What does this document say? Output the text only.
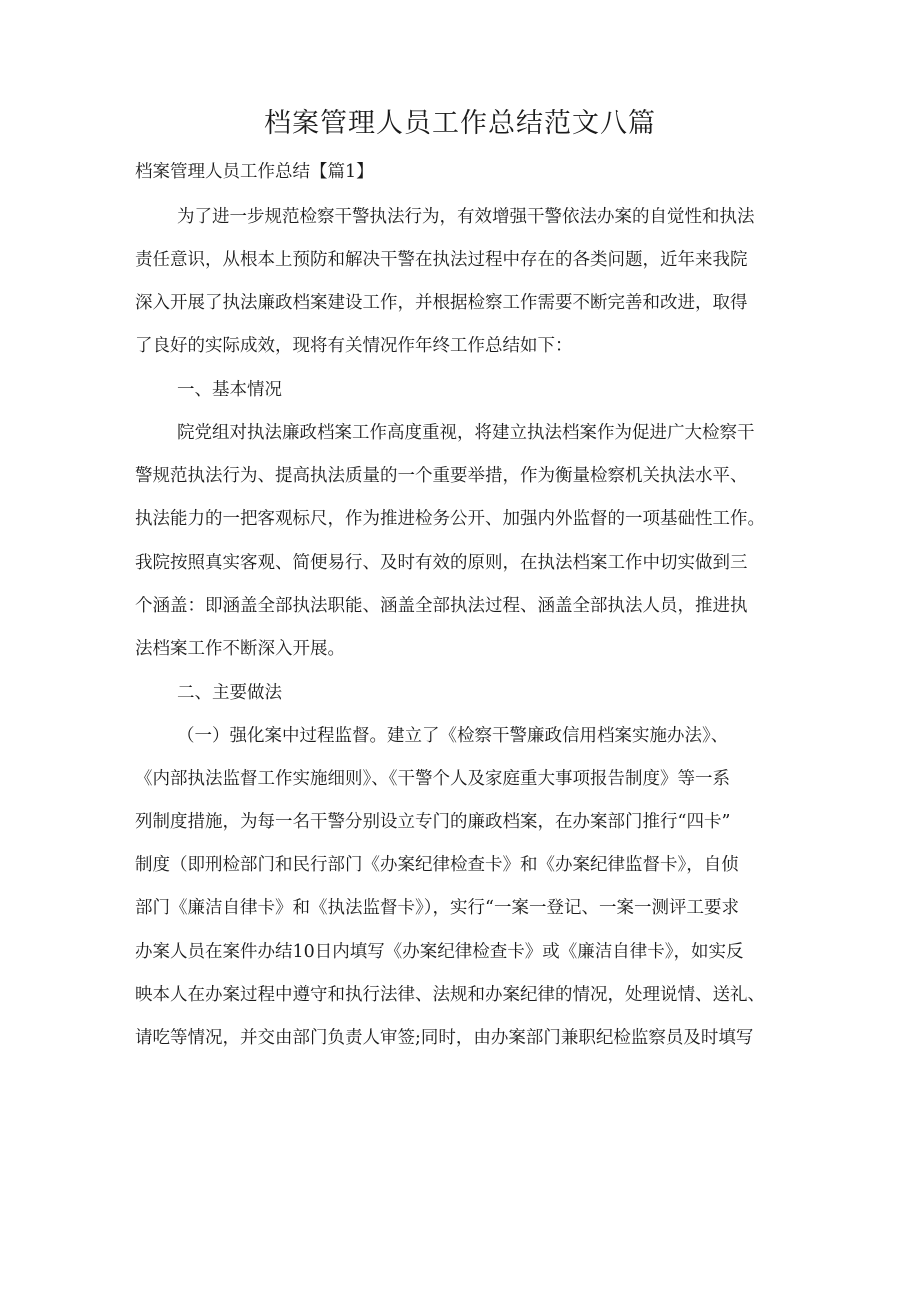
档案管理人员工作总结范文八篇
档案管理人员工作总结【篇1】
为了进一步规范检察干警执法行为，有效增强干警依法办案的自觉性和执法
责任意识，从根本上预防和解决干警在执法过程中存在的各类问题，近年来我院
深入开展了执法廉政档案建设工作，并根据检察工作需要不断完善和改进，取得
了良好的实际成效，现将有关情况作年终工作总结如下：
一、基本情况
院党组对执法廉政档案工作高度重视，将建立执法档案作为促进广大检察干
警规范执法行为、提高执法质量的一个重要举措，作为衡量检察机关执法水平、
执法能力的一把客观标尺，作为推进检务公开、加强内外监督的一项基础性工作。
我院按照真实客观、简便易行、及时有效的原则，在执法档案工作中切实做到三
个涵盖：即涵盖全部执法职能、涵盖全部执法过程、涵盖全部执法人员，推进执
法档案工作不断深入开展。
二、主要做法
（一）强化案中过程监督。建立了《检察干警廉政信用档案实施办法》、
《内部执法监督工作实施细则》、《干警个人及家庭重大事项报告制度》等一系
列制度措施，为每一名干警分别设立专门的廉政档案，在办案部门推行“四卡”
制度（即刑检部门和民行部门《办案纪律检查卡》和《办案纪律监督卡》，自侦
部门《廉洁自律卡》和《执法监督卡》），实行“一案一登记、一案一测评工要求
办案人员在案件办结10日内填写《办案纪律检查卡》或《廉洁自律卡》，如实反
映本人在办案过程中遵守和执行法律、法规和办案纪律的情况，处理说情、送礼、
请吃等情况，并交由部门负责人审签;同时，由办案部门兼职纪检监察员及时填写
